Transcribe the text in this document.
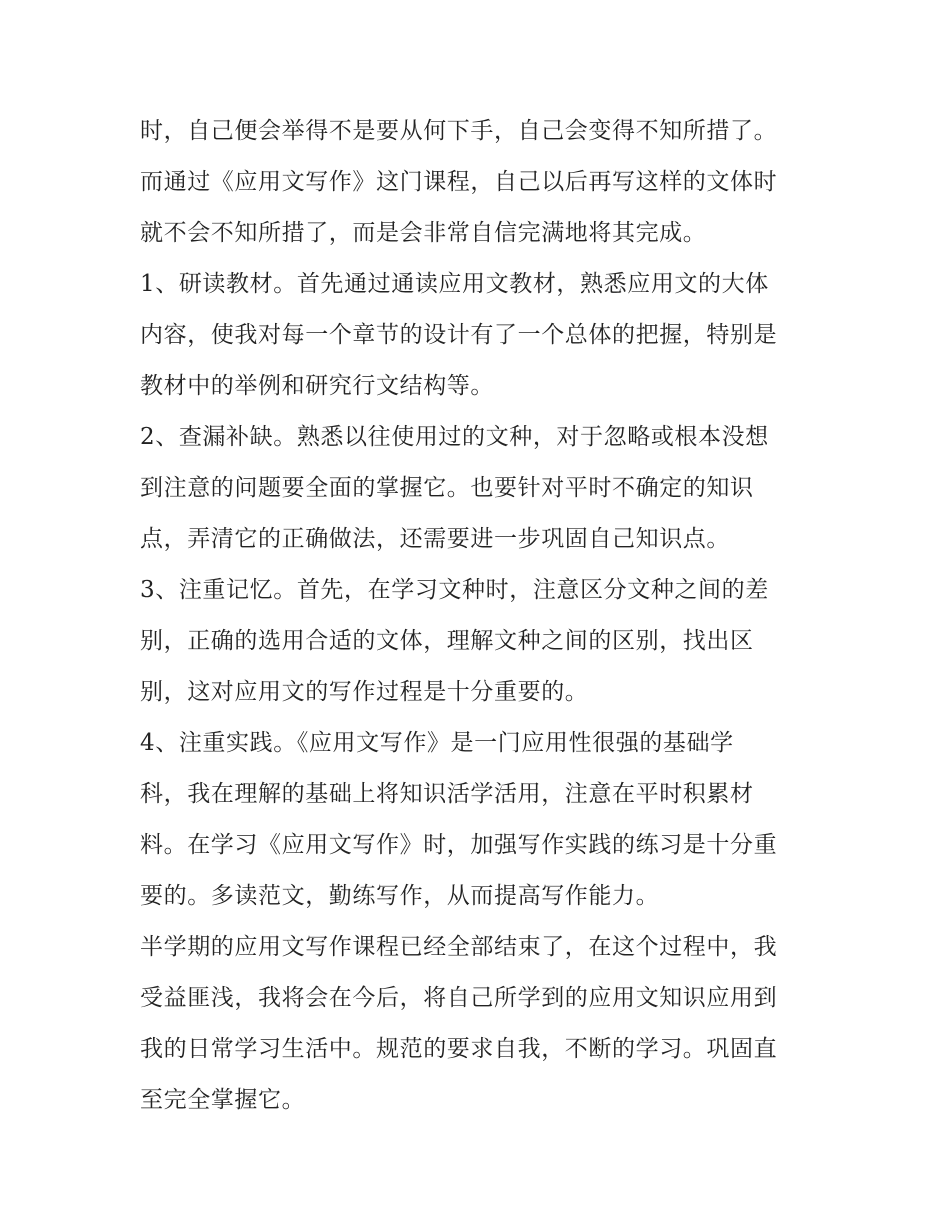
时，自己便会举得不是要从何下手，自己会变得不知所措了。
而通过《应用文写作》这门课程，自己以后再写这样的文体时
就不会不知所措了，而是会非常自信完满地将其完成。
1、研读教材。首先通过通读应用文教材，熟悉应用文的大体
内容，使我对每一个章节的设计有了一个总体的把握，特别是
教材中的举例和研究行文结构等。
2、查漏补缺。熟悉以往使用过的文种，对于忽略或根本没想
到注意的问题要全面的掌握它。也要针对平时不确定的知识
点，弄清它的正确做法，还需要进一步巩固自己知识点。
3、注重记忆。首先，在学习文种时，注意区分文种之间的差
别，正确的选用合适的文体，理解文种之间的区别，找出区
别，这对应用文的写作过程是十分重要的。
4、注重实践。《应用文写作》是一门应用性很强的基础学
科，我在理解的基础上将知识活学活用，注意在平时积累材
料。在学习《应用文写作》时，加强写作实践的练习是十分重
要的。多读范文，勤练写作，从而提高写作能力。
半学期的应用文写作课程已经全部结束了，在这个过程中，我
受益匪浅，我将会在今后，将自己所学到的应用文知识应用到
我的日常学习生活中。规范的要求自我，不断的学习。巩固直
至完全掌握它。
